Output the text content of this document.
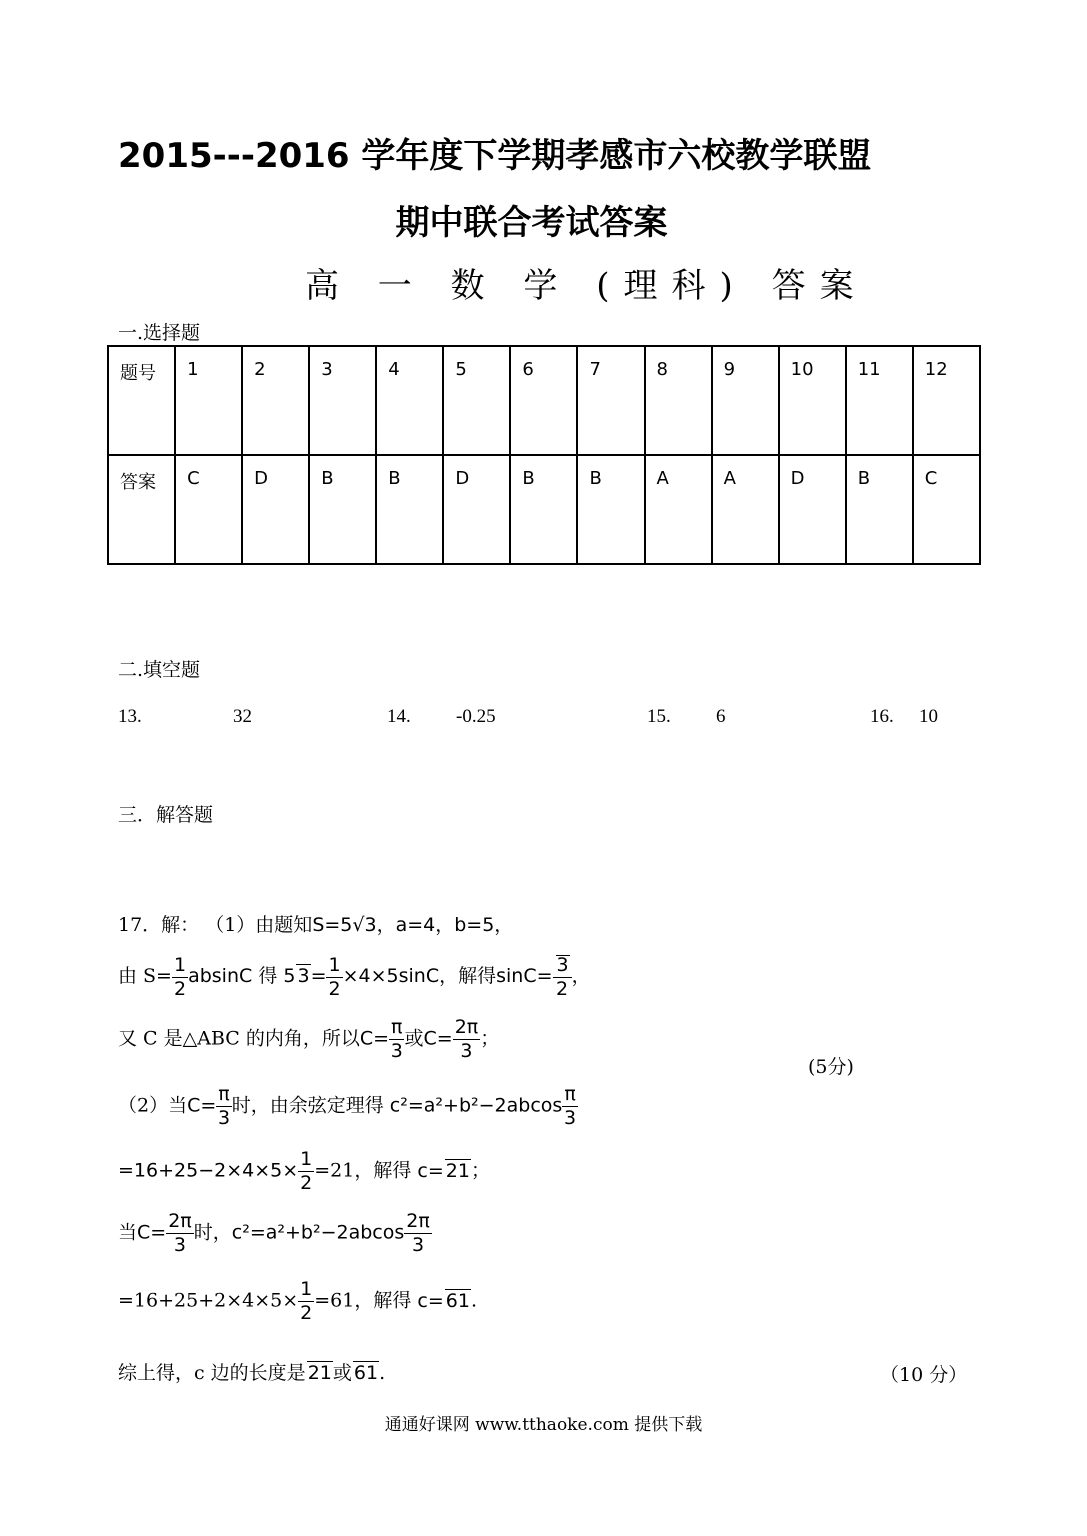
2015---2016 学年度下学期孝感市六校教学联盟
期中联合考试答案
高 一 数 学 (理科) 答案
一.选择题
题号	1	2	3	4	5	6	7	8	9	10	11	12
答案	C	D	B	B	D	B	B	A	A	D	B	C
二.填空题
13.	32	14. -0.25	15. 6	16. 10
三．解答题
17．解： （1）由题知S=5√3，a=4，b=5，
由 $S= \frac{1}{2}$ absinC 得 5 $3= \frac{1}{2} \times 4\times 5\sin C$，解得$\sin C= \frac{3}{2}$ ，
又 C 是△ABC 的内角，所以$C= \frac{\pi}{3}$ 或$C= \frac{2\pi}{3}$ ；
(5分)
（2）当$C= \frac{\pi}{3}$ 时，由余弦定理得 $c^2=a^2+b^2-2abcos \frac{\pi}{3}$
$=16+25-2\times 4\times 5\times \frac{1}{2} =21$，解得 c= 21；
当$C= \frac{2\pi}{3}$ 时，$c^2=a^2+b^2-2abcos \frac{2\pi}{3}$
$=16+25+2\times 4\times 5\times \frac{1}{2} =61$，解得 c= 61.
综上得，c 边的长度是 21或 61.	（10 分）
通通好课网 www.tthaoke.com 提供下载
